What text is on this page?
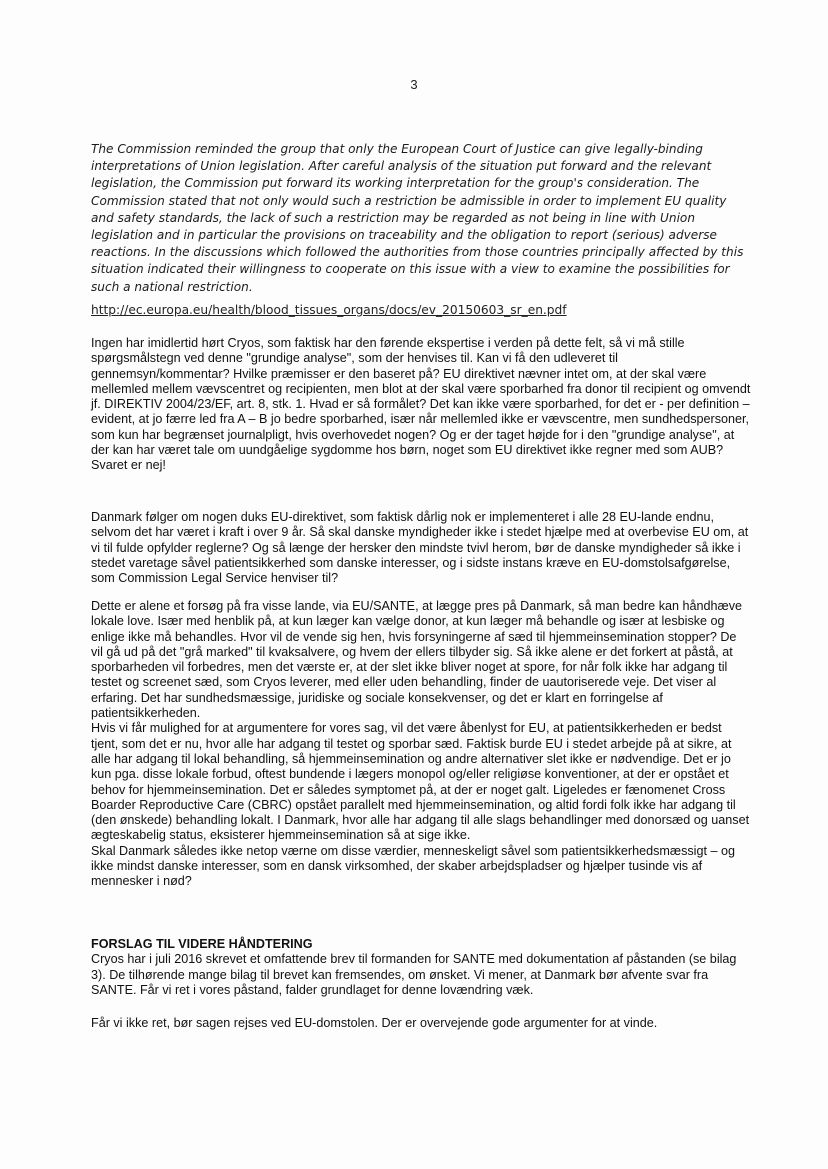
3

The Commission reminded the group that only the European Court of Justice can give legally-binding interpretations of Union legislation. After careful analysis of the situation put forward and the relevant legislation, the Commission put forward its working interpretation for the group's consideration. The Commission stated that not only would such a restriction be admissible in order to implement EU quality and safety standards, the lack of such a restriction may be regarded as not being in line with Union legislation and in particular the provisions on traceability and the obligation to report (serious) adverse reactions. In the discussions which followed the authorities from those countries principally affected by this situation indicated their willingness to cooperate on this issue with a view to examine the possibilities for such a national restriction.

http://ec.europa.eu/health/blood_tissues_organs/docs/ev_20150603_sr_en.pdf

Ingen har imidlertid hørt Cryos, som faktisk har den førende ekspertise i verden på dette felt, så vi må stille spørgsmålstegn ved denne "grundige analyse", som der henvises til. Kan vi få den udleveret til gennemsyn/kommentar? Hvilke præmisser er den baseret på? EU direktivet nævner intet om, at der skal være mellemled mellem vævscentret og recipienten, men blot at der skal være sporbarhed fra donor til recipient og omvendt jf. DIREKTIV 2004/23/EF, art. 8, stk. 1. Hvad er så formålet? Det kan ikke være sporbarhed, for det er - per definition – evident, at jo færre led fra A – B jo bedre sporbarhed, især når mellemled ikke er vævscentre, men sundhedspersoner, som kun har begrænset journalpligt, hvis overhovedet nogen? Og er der taget højde for i den "grundige analyse", at der kan har været tale om uundgåelige sygdomme hos børn, noget som EU direktivet ikke regner med som AUB? Svaret er nej!

Danmark følger om nogen duks EU-direktivet, som faktisk dårlig nok er implementeret i alle 28 EU-lande endnu, selvom det har været i kraft i over 9 år. Så skal danske myndigheder ikke i stedet hjælpe med at overbevise EU om, at vi til fulde opfylder reglerne? Og så længe der hersker den mindste tvivl herom, bør de danske myndigheder så ikke i stedet varetage såvel patientsikkerhed som danske interesser, og i sidste instans kræve en EU-domstolsafgørelse, som Commission Legal Service henviser til?

Dette er alene et forsøg på fra visse lande, via EU/SANTE, at lægge pres på Danmark, så man bedre kan håndhæve lokale love. Især med henblik på, at kun læger kan vælge donor, at kun læger må behandle og især at lesbiske og enlige ikke må behandles. Hvor vil de vende sig hen, hvis forsyningerne af sæd til hjemmeinsemination stopper? De vil gå ud på det "grå marked" til kvaksalvere, og hvem der ellers tilbyder sig. Så ikke alene er det forkert at påstå, at sporbarheden vil forbedres, men det værste er, at der slet ikke bliver noget at spore, for når folk ikke har adgang til testet og screenet sæd, som Cryos leverer, med eller uden behandling, finder de uautoriserede veje. Det viser al erfaring. Det har sundhedsmæssige, juridiske og sociale konsekvenser, og det er klart en forringelse af patientsikkerheden.
Hvis vi får mulighed for at argumentere for vores sag, vil det være åbenlyst for EU, at patientsikkerheden er bedst tjent, som det er nu, hvor alle har adgang til testet og sporbar sæd. Faktisk burde EU i stedet arbejde på at sikre, at alle har adgang til lokal behandling, så hjemmeinsemination og andre alternativer slet ikke er nødvendige. Det er jo kun pga. disse lokale forbud, oftest bundende i lægers monopol og/eller religiøse konventioner, at der er opstået et behov for hjemmeinsemination. Det er således symptomet på, at der er noget galt. Ligeledes er fænomenet Cross Boarder Reproductive Care (CBRC) opstået parallelt med hjemmeinsemination, og altid fordi folk ikke har adgang til (den ønskede) behandling lokalt. I Danmark, hvor alle har adgang til alle slags behandlinger med donorsæd og uanset ægteskabelig status, eksisterer hjemmeinsemination så at sige ikke.
Skal Danmark således ikke netop værne om disse værdier, menneskeligt såvel som patientsikkerhedsmæssigt – og ikke mindst danske interesser, som en dansk virksomhed, der skaber arbejdspladser og hjælper tusinde vis af mennesker i nød?
FORSLAG TIL VIDERE HÅNDTERING
Cryos har i juli 2016 skrevet et omfattende brev til formanden for SANTE med dokumentation af påstanden (se bilag 3). De tilhørende mange bilag til brevet kan fremsendes, om ønsket. Vi mener, at Danmark bør afvente svar fra SANTE. Får vi ret i vores påstand, falder grundlaget for denne lovændring væk.

Får vi ikke ret, bør sagen rejses ved EU-domstolen. Der er overvejende gode argumenter for at vinde.
